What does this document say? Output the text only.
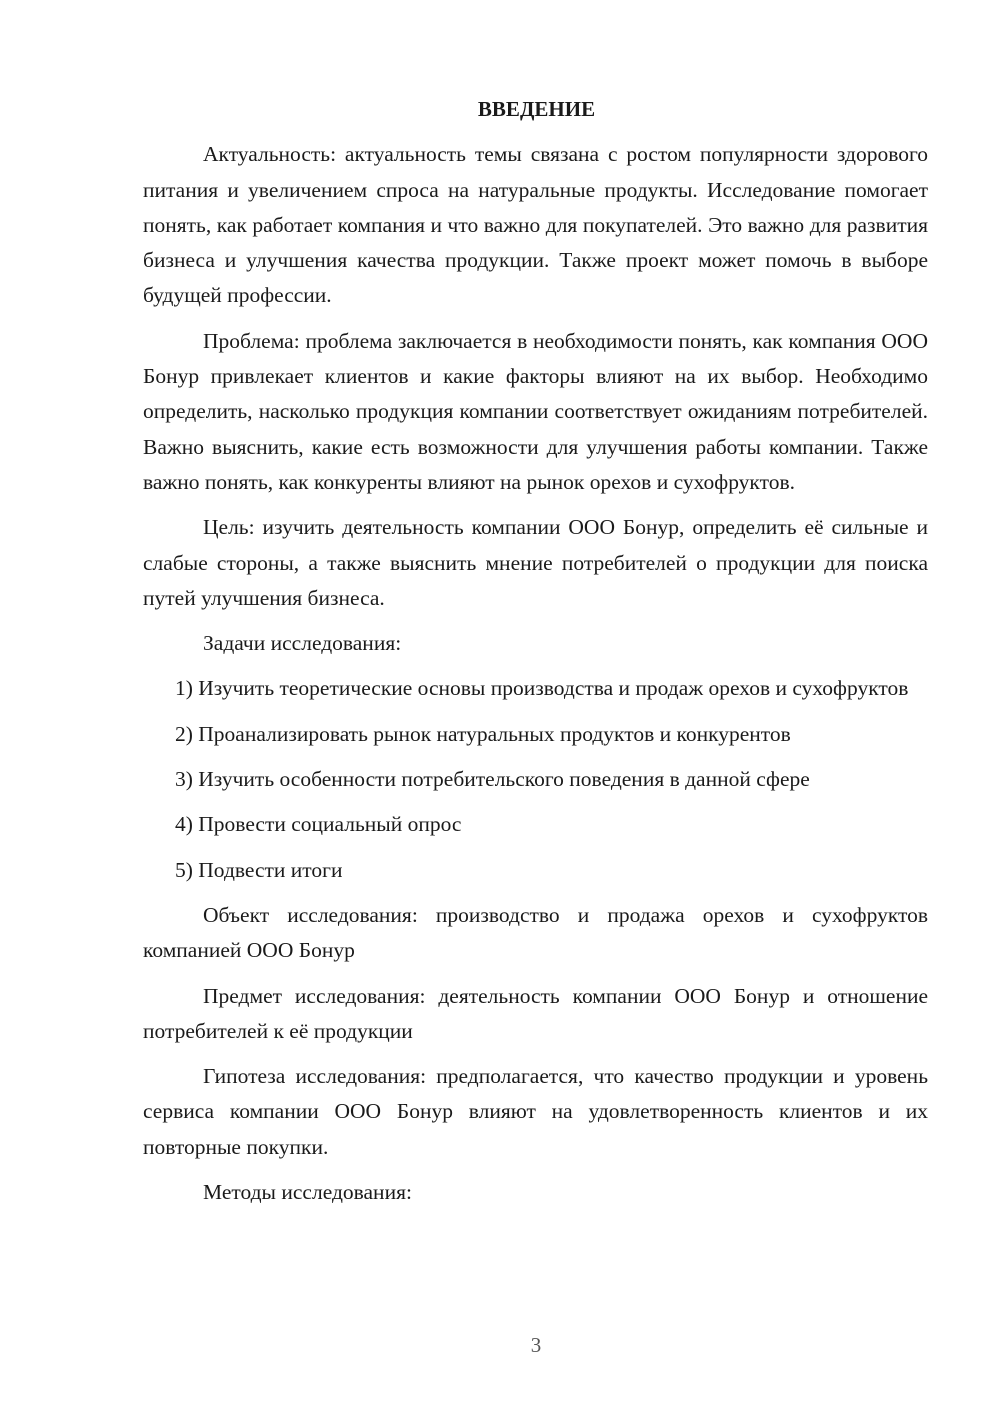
ВВЕДЕНИЕ

Актуальность: актуальность темы связана с ростом популярности здорового питания и увеличением спроса на натуральные продукты. Исследование помогает понять, как работает компания и что важно для покупателей. Это важно для развития бизнеса и улучшения качества продукции. Также проект может помочь в выборе будущей профессии.

Проблема: проблема заключается в необходимости понять, как компания ООО Бонур привлекает клиентов и какие факторы влияют на их выбор. Необходимо определить, насколько продукция компании соответствует ожиданиям потребителей. Важно выяснить, какие есть возможности для улучшения работы компании. Также важно понять, как конкуренты влияют на рынок орехов и сухофруктов.

Цель: изучить деятельность компании ООО Бонур, определить её сильные и слабые стороны, а также выяснить мнение потребителей о продукции для поиска путей улучшения бизнеса.

Задачи исследования:

1) Изучить теоретические основы производства и продаж орехов и сухофруктов

2) Проанализировать рынок натуральных продуктов и конкурентов

3) Изучить особенности потребительского поведения в данной сфере

4) Провести социальный опрос

5) Подвести итоги

Объект исследования: производство и продажа орехов и сухофруктов компанией ООО Бонур

Предмет исследования: деятельность компании ООО Бонур и отношение потребителей к её продукции

Гипотеза исследования: предполагается, что качество продукции и уровень сервиса компании ООО Бонур влияют на удовлетворенность клиентов и их повторные покупки.

Методы исследования:

3
